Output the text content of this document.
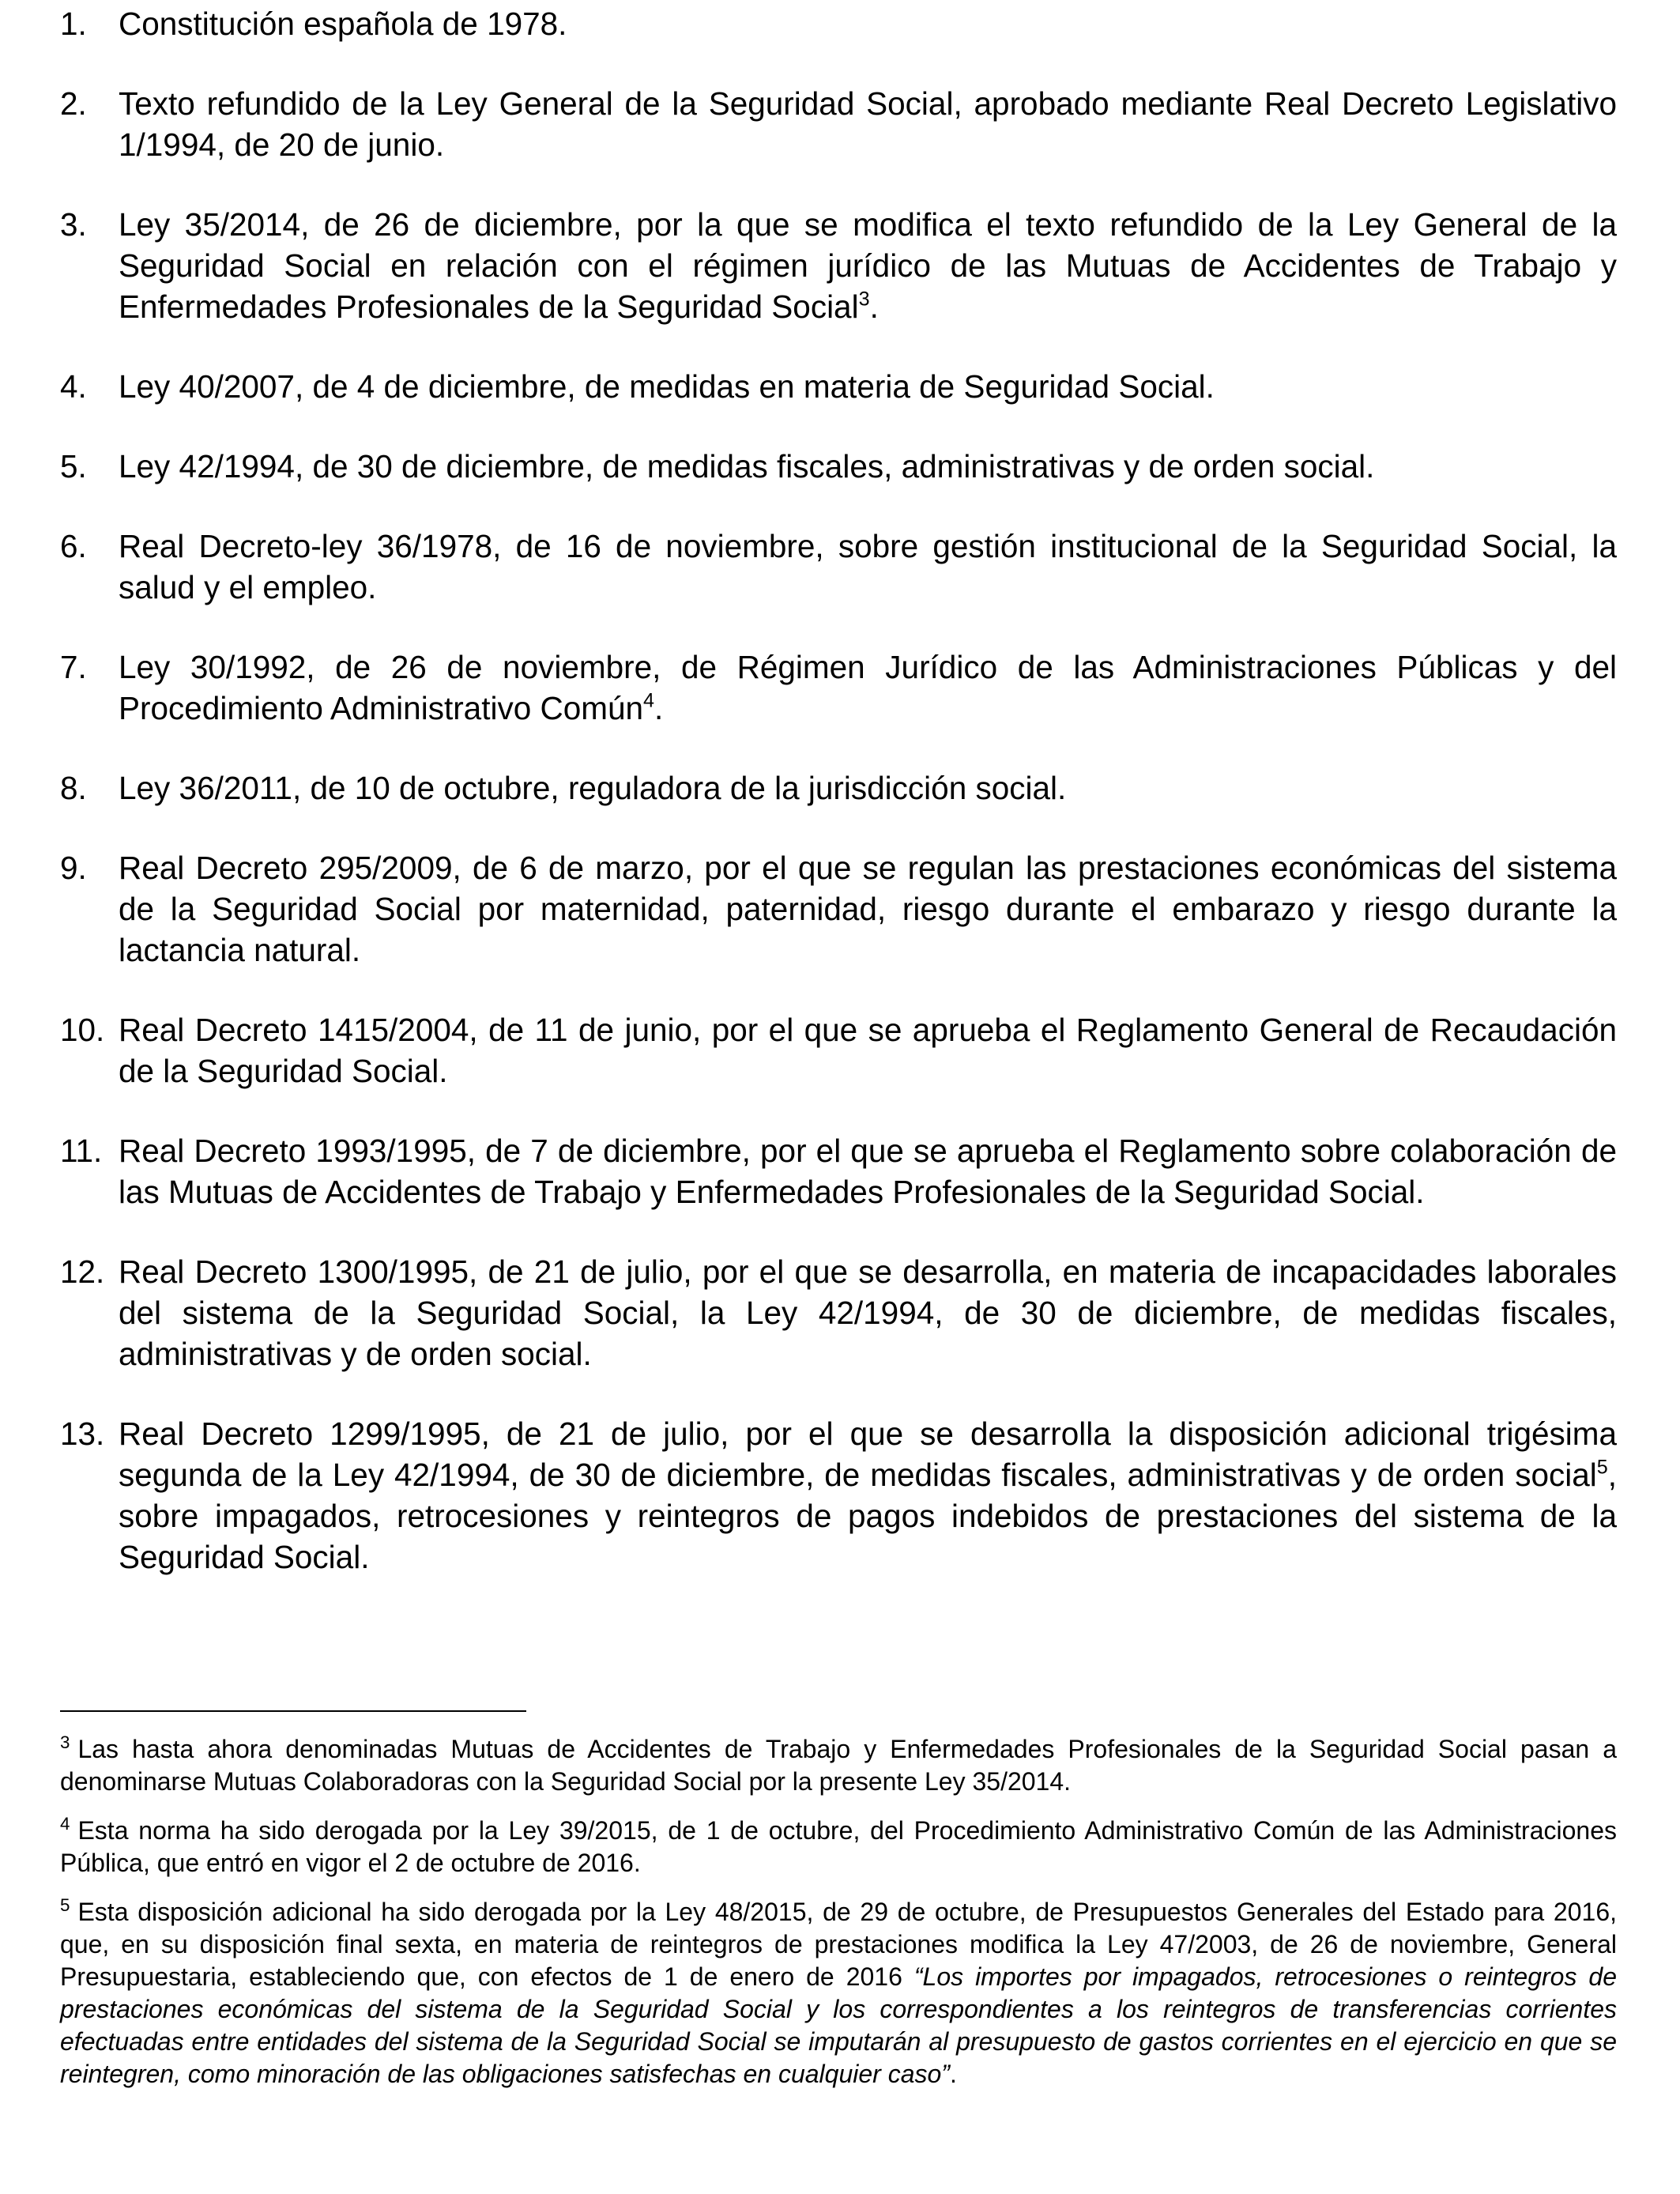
1. Constitución española de 1978.
2. Texto refundido de la Ley General de la Seguridad Social, aprobado mediante Real Decreto Legislativo 1/1994, de 20 de junio.
3. Ley 35/2014, de 26 de diciembre, por la que se modifica el texto refundido de la Ley General de la Seguridad Social en relación con el régimen jurídico de las Mutuas de Accidentes de Trabajo y Enfermedades Profesionales de la Seguridad Social$^3$.
4. Ley 40/2007, de 4 de diciembre, de medidas en materia de Seguridad Social.
5. Ley 42/1994, de 30 de diciembre, de medidas fiscales, administrativas y de orden social.
6. Real Decreto-ley 36/1978, de 16 de noviembre, sobre gestión institucional de la Seguridad Social, la salud y el empleo.
7. Ley 30/1992, de 26 de noviembre, de Régimen Jurídico de las Administraciones Públicas y del Procedimiento Administrativo Común$^4$.
8. Ley 36/2011, de 10 de octubre, reguladora de la jurisdicción social.
9. Real Decreto 295/2009, de 6 de marzo, por el que se regulan las prestaciones económicas del sistema de la Seguridad Social por maternidad, paternidad, riesgo durante el embarazo y riesgo durante la lactancia natural.
10. Real Decreto 1415/2004, de 11 de junio, por el que se aprueba el Reglamento General de Recaudación de la Seguridad Social.
11. Real Decreto 1993/1995, de 7 de diciembre, por el que se aprueba el Reglamento sobre colaboración de las Mutuas de Accidentes de Trabajo y Enfermedades Profesionales de la Seguridad Social.
12. Real Decreto 1300/1995, de 21 de julio, por el que se desarrolla, en materia de incapacidades laborales del sistema de la Seguridad Social, la Ley 42/1994, de 30 de diciembre, de medidas fiscales, administrativas y de orden social.
13. Real Decreto 1299/1995, de 21 de julio, por el que se desarrolla la disposición adicional trigésima segunda de la Ley 42/1994, de 30 de diciembre, de medidas fiscales, administrativas y de orden social$^5$, sobre impagados, retrocesiones y reintegros de pagos indebidos de prestaciones del sistema de la Seguridad Social.

$^3$ Las hasta ahora denominadas Mutuas de Accidentes de Trabajo y Enfermedades Profesionales de la Seguridad Social pasan a denominarse Mutuas Colaboradoras con la Seguridad Social por la presente Ley 35/2014.

$^4$ Esta norma ha sido derogada por la Ley 39/2015, de 1 de octubre, del Procedimiento Administrativo Común de las Administraciones Pública, que entró en vigor el 2 de octubre de 2016.

$^5$ Esta disposición adicional ha sido derogada por la Ley 48/2015, de 29 de octubre, de Presupuestos Generales del Estado para 2016, que, en su disposición final sexta, en materia de reintegros de prestaciones modifica la Ley 47/2003, de 26 de noviembre, General Presupuestaria, estableciendo que, con efectos de 1 de enero de 2016 “Los importes por impagados, retrocesiones o reintegros de prestaciones económicas del sistema de la Seguridad Social y los correspondientes a los reintegros de transferencias corrientes efectuadas entre entidades del sistema de la Seguridad Social se imputarán al presupuesto de gastos corrientes en el ejercicio en que se reintegren, como minoración de las obligaciones satisfechas en cualquier caso”.
